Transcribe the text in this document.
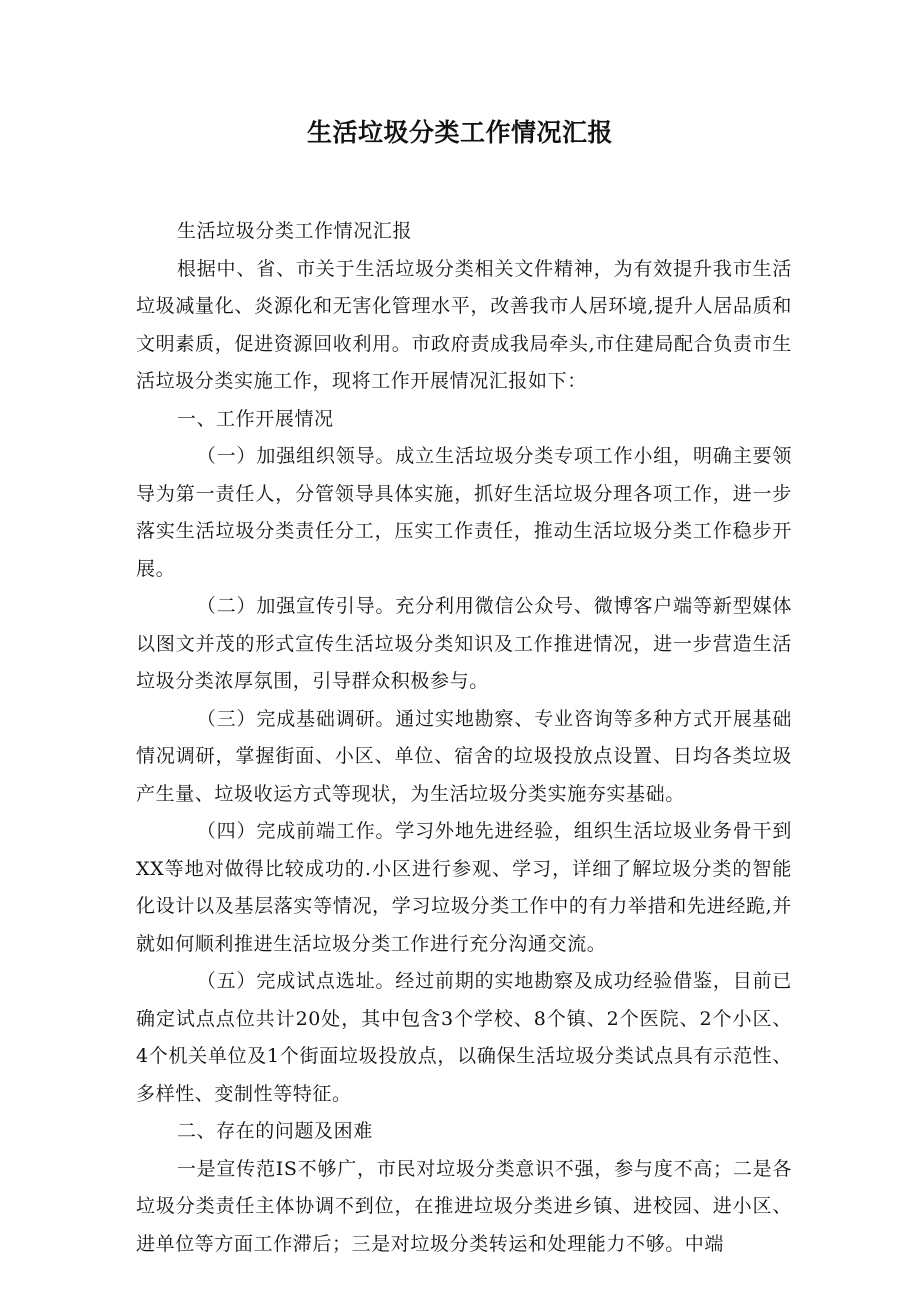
生活垃圾分类工作情况汇报

生活垃圾分类工作情况汇报

根据中、省、市关于生活垃圾分类相关文件精神，为有效提升我市生活垃圾减量化、炎源化和无害化管理水平，改善我市人居环境,提升人居品质和文明素质，促进资源回收利用。市政府责成我局牵头,市住建局配合负责市生活垃圾分类实施工作，现将工作开展情况汇报如下：

一、工作开展情况

（一）加强组织领导。成立生活垃圾分类专项工作小组，明确主要领导为第一责任人，分管领导具体实施，抓好生活垃圾分理各项工作，进一步落实生活垃圾分类责任分工，压实工作责任，推动生活垃圾分类工作稳步开展。

（二）加强宣传引导。充分利用微信公众号、微博客户端等新型媒体以图文并茂的形式宣传生活垃圾分类知识及工作推进情况，进一步营造生活垃圾分类浓厚氛围，引导群众积极参与。

（三）完成基础调研。通过实地勘察、专业咨询等多种方式开展基础情况调研，掌握街面、小区、单位、宿舍的垃圾投放点设置、日均各类垃圾产生量、垃圾收运方式等现状，为生活垃圾分类实施夯实基础。

（四）完成前端工作。学习外地先进经验，组织生活垃圾业务骨干到XX等地对做得比较成功的.小区进行参观、学习，详细了解垃圾分类的智能化设计以及基层落实等情况，学习垃圾分类工作中的有力举措和先进经跪,并就如何顺利推进生活垃圾分类工作进行充分沟通交流。

（五）完成试点选址。经过前期的实地勘察及成功经验借鉴，目前已确定试点点位共计20处，其中包含3个学校、8个镇、2个医院、2个小区、4个机关单位及1个街面垃圾投放点，以确保生活垃圾分类试点具有示范性、多样性、变制性等特征。

二、存在的问题及困难

一是宣传范IS不够广，市民对垃圾分类意识不强，参与度不高；二是各垃圾分类责任主体协调不到位，在推进垃圾分类进乡镇、进校园、进小区、进单位等方面工作滞后；三是对垃圾分类转运和处理能力不够。中端
